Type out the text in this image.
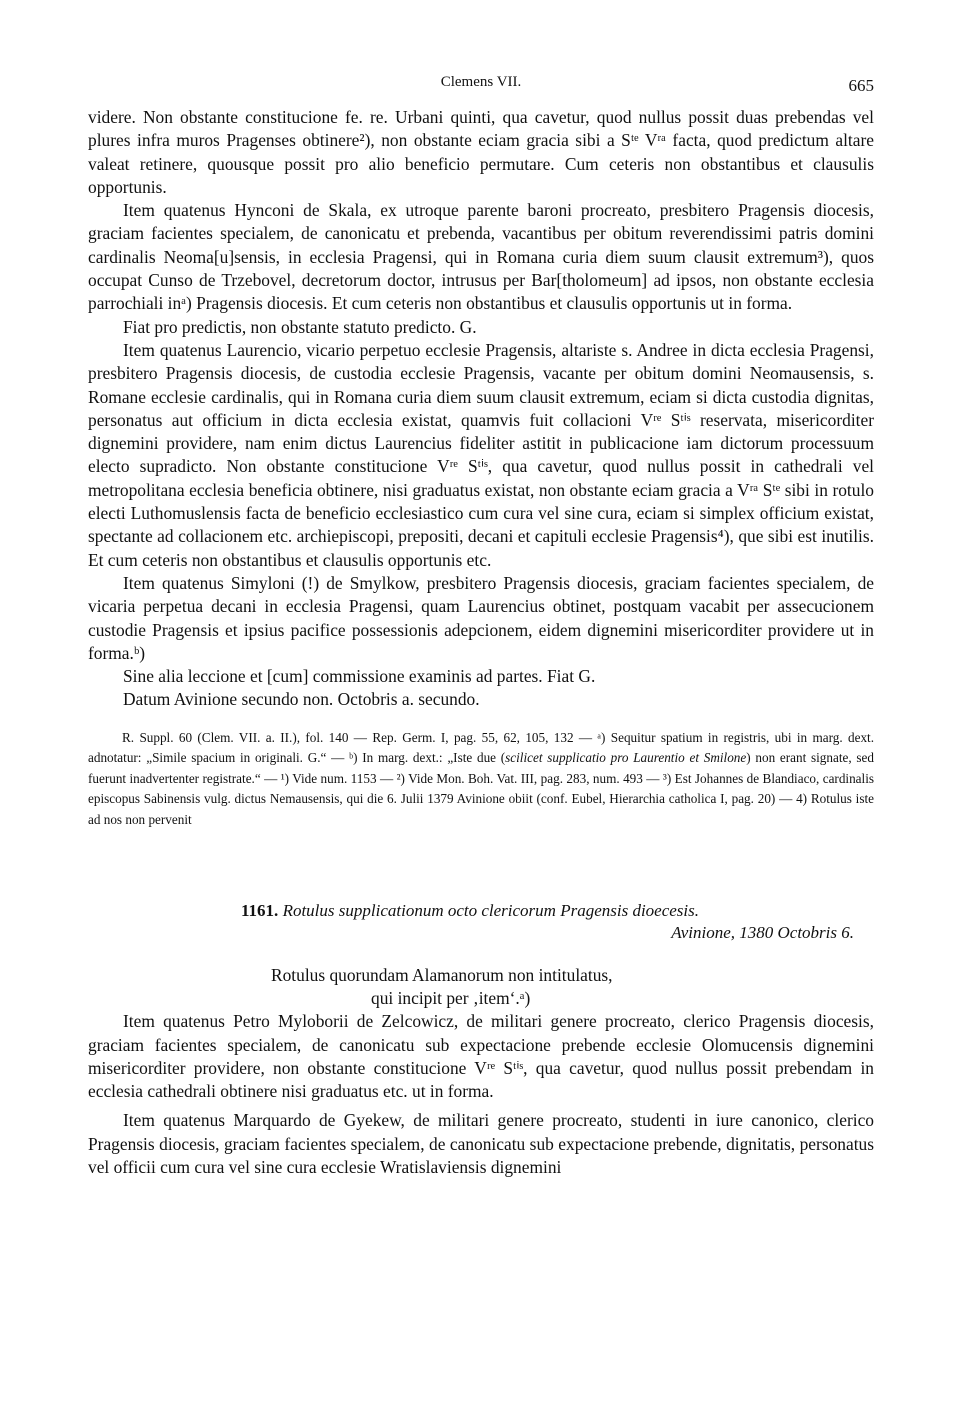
Clemens VII.	665

videre. Non obstante constitucione fe. re. Urbani quinti, qua cavetur, quod nullus possit duas prebendas vel plures infra muros Pragenses obtinere²), non obstante eciam gracia sibi a Sᵗᵉ Vʳᵃ facta, quod predictum altare valeat retinere, quousque possit pro alio beneficio permutare. Cum ceteris non obstantibus et clausulis opportunis.

Item quatenus Hynconi de Skala, ex utroque parente baroni procreato, presbitero Pragensis diocesis, graciam facientes specialem, de canonicatu et prebenda, vacantibus per obitum reverendissimi patris domini cardinalis Neoma[u]sensis, in ecclesia Pragensi, qui in Romana curia diem suum clausit extremum³), quos occupat Cunso de Trzebovel, decretorum doctor, intrusus per Bar[tholomeum] ad ipsos, non obstante ecclesia parrochiali inᵃ) Pragensis diocesis. Et cum ceteris non obstantibus et clausulis opportunis ut in forma.

Fiat pro predictis, non obstante statuto predicto. G.

Item quatenus Laurencio, vicario perpetuo ecclesie Pragensis, altariste s. Andree in dicta ecclesia Pragensi, presbitero Pragensis diocesis, de custodia ecclesie Pragensis, vacante per obitum domini Neomausensis, s. Romane ecclesie cardinalis, qui in Romana curia diem suum clausit extremum, eciam si dicta custodia dignitas, personatus aut officium in dicta ecclesia existat, quamvis fuit collacioni Vʳᵉ Sᵗⁱˢ reservata, misericorditer dignemini providere, nam enim dictus Laurencius fideliter astitit in publicacione iam dictorum processuum electo supradicto. Non obstante constitucione Vʳᵉ Sᵗⁱˢ, qua cavetur, quod nullus possit in cathedrali vel metropolitana ecclesia beneficia obtinere, nisi graduatus existat, non obstante eciam gracia a Vʳᵃ Sᵗᵉ sibi in rotulo electi Luthomuslensis facta de beneficio ecclesiastico cum cura vel sine cura, eciam si simplex officium existat, spectante ad collacionem etc. archiepiscopi, prepositi, decani et capituli ecclesie Pragensis⁴), que sibi est inutilis. Et cum ceteris non obstantibus et clausulis opportunis etc.

Item quatenus Simyloni (!) de Smylkow, presbitero Pragensis diocesis, graciam facientes specialem, de vicaria perpetua decani in ecclesia Pragensi, quam Laurencius obtinet, postquam vacabit per assecucionem custodie Pragensis et ipsius pacifice possessionis adepcionem, eidem dignemini misericorditer providere ut in forma.ᵇ)

Sine alia leccione et [cum] commissione examinis ad partes. Fiat G.

Datum Avinione secundo non. Octobris a. secundo.

R. Suppl. 60 (Clem. VII. a. II.), fol. 140 — Rep. Germ. I, pag. 55, 62, 105, 132 — ᵃ) Sequitur spatium in registris, ubi in marg. dext. adnotatur: „Simile spacium in originali. G.“ — ᵇ) In marg. dext.: „Iste due (scilicet supplicatio pro Laurentio et Smilone) non erant signate, sed fuerunt inadvertenter registrate.“ — ¹) Vide num. 1153 — ²) Vide Mon. Boh. Vat. III, pag. 283, num. 493 — ³) Est Johannes de Blandiaco, cardinalis episcopus Sabinensis vulg. dictus Nemausensis, qui die 6. Julii 1379 Avinione obiit (conf. Eubel, Hierarchia catholica I, pag. 20) — 4) Rotulus iste ad nos non pervenit

1161. Rotulus supplicationum octo clericorum Pragensis dioecesis.
Avinione, 1380 Octobris 6.
Rotulus quorundam Alamanorum non intitulatus,
qui incipit per ‚item‘.ᵃ)

Item quatenus Petro Myloborii de Zelcowicz, de militari genere procreato, clerico Pragensis diocesis, graciam facientes specialem, de canonicatu sub expectacione prebende ecclesie Olomucensis dignemini misericorditer providere, non obstante constitucione Vʳᵉ Sᵗⁱˢ, qua cavetur, quod nullus possit prebendam in ecclesia cathedrali obtinere nisi graduatus etc. ut in forma.

Item quatenus Marquardo de Gyekew, de militari genere procreato, studenti in iure canonico, clerico Pragensis diocesis, graciam facientes specialem, de canonicatu sub expectacione prebende, dignitatis, personatus vel officii cum cura vel sine cura ecclesie Wratislaviensis dignemini
